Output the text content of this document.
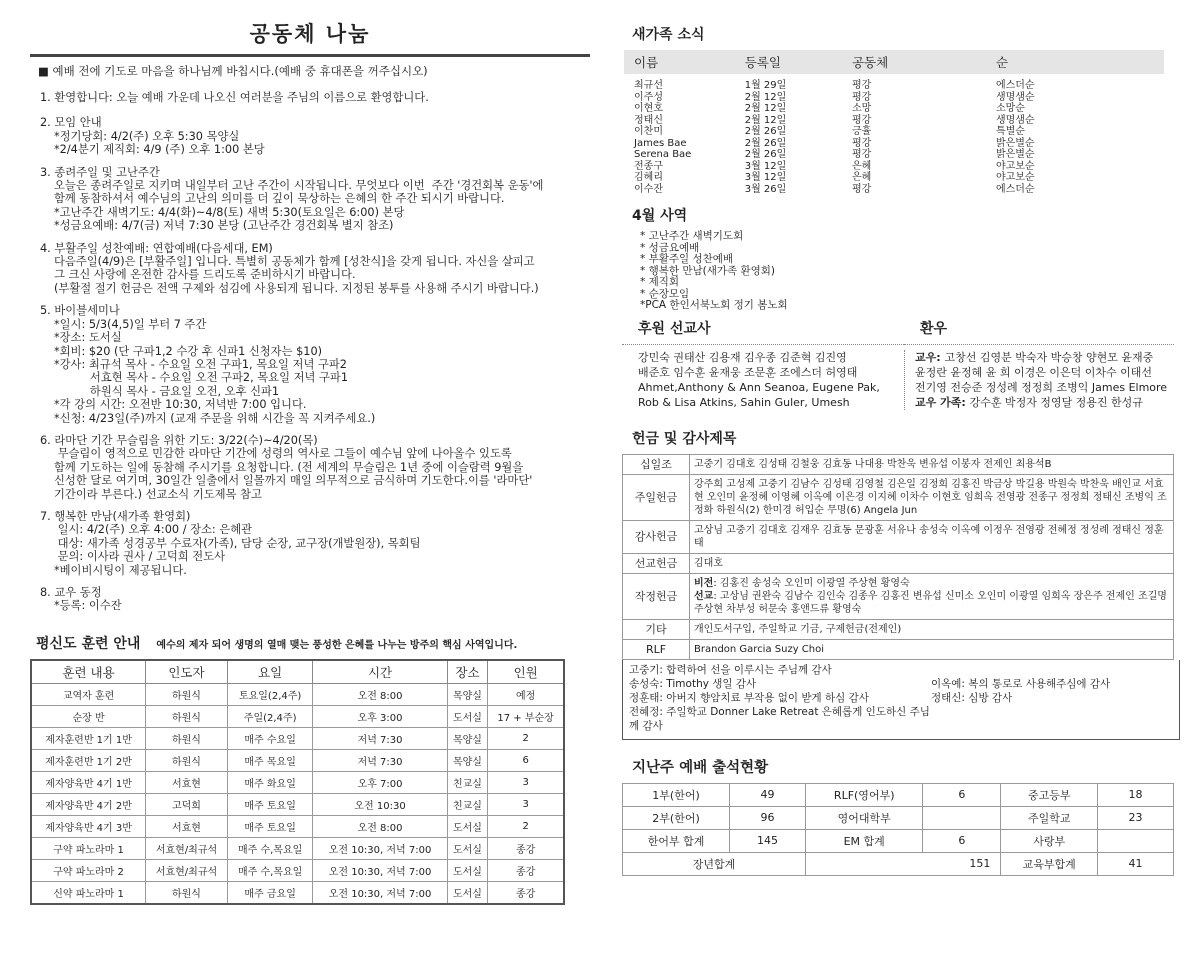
공동체 나눔
■ 예배 전에 기도로 마음을 하나님께 바칩시다.(예배 중 휴대폰을 꺼주십시오)
1. 환영합니다: 오늘 예배 가운데 나오신 여러분을 주님의 이름으로 환영합니다.
2. 모임 안내
*정기당회: 4/2(주) 오후 5:30 목양실
*2/4분기 제직회: 4/9 (주) 오후 1:00 본당
3. 종려주일 및 고난주간
오늘은 종려주일로 지키며 내일부터 고난 주간이 시작됩니다. 무엇보다 이번  주간 '경건회복 운동'에
함께 동참하셔서 예수님의 고난의 의미를 더 깊이 묵상하는 은혜의 한 주간 되시기 바랍니다.
*고난주간 새벽기도: 4/4(화)~4/8(토) 새벽 5:30(토요일은 6:00) 본당
*성금요예배: 4/7(금) 저녁 7:30 본당 (고난주간 경건회복 별지 참조)
4. 부활주일 성찬예배: 연합예배(다음세대, EM)
다음주일(4/9)은 [부활주일] 입니다. 특별히 공동체가 함께 [성찬식]을 갖게 됩니다. 자신을 살피고
그 크신 사랑에 온전한 감사를 드리도록 준비하시기 바랍니다.
(부활절 절기 헌금은 전액 구제와 섬김에 사용되게 됩니다. 지정된 봉투를 사용해 주시기 바랍니다.)
5. 바이블세미나
*일시: 5/3(4,5)일 부터 7 주간
*장소: 도서실
*회비: $20 (단 구파1,2 수강 후 신파1 신청자는 $10)
*강사: 최규석 목사 - 수요일 오전 구파1, 목요일 저녁 구파2
서효현 목사 - 수요일 오전 구파2, 목요일 저녁 구파1
하원식 목사 - 금요일 오전, 오후 신파1
*각 강의 시간: 오전반 10:30, 저녁반 7:00 입니다.
*신청: 4/23일(주)까지 (교재 주문을 위해 시간을 꼭 지켜주세요.)
6. 라마단 기간 무슬림을 위한 기도: 3/22(수)~4/20(목)
무슬림이 영적으로 민감한 라마단 기간에 성령의 역사로 그들이 예수님 앞에 나아올수 있도록
함께 기도하는 일에 동참해 주시기를 요청합니다. (전 세계의 무슬림은 1년 중에 이슬람력 9월을
신성한 달로 여기며, 30일간 일출에서 일몰까지 매일 의무적으로 금식하며 기도한다.이를 '라마단'
기간이라 부른다.) 선교소식 기도제목 참고
7. 행복한 만남(새가족 환영회)
일시: 4/2(주) 오후 4:00 / 장소: 은혜관
대상: 새가족 성경공부 수료자(가족), 담당 순장, 교구장(개발원장), 목회팀
문의: 이사라 권사 / 고덕희 전도사
*베이비시팅이 제공됩니다.
8. 교우 동정
*등록: 이수잔
평신도 훈련 안내 예수의 제자 되어 생명의 열매 맺는 풍성한 은혜를 나누는 방주의 핵심 사역입니다.
훈련 내용	인도자	요일	시간	장소	인원
교역자 훈련	하원식	토요일(2,4주)	오전 8:00	목양실	예정
순장 반	하원식	주일(2,4주)	오후 3:00	도서실	17 + 부순장
제자훈련반 1기 1반	하원식	매주 수요일	저녁 7:30	목양실	2
제자훈련반 1기 2반	하원식	매주 목요일	저녁 7:30	목양실	6
제자양육반 4기 1반	서효현	매주 화요일	오후 7:00	친교실	3
제자양육반 4기 2반	고덕희	매주 토요일	오전 10:30	친교실	3
제자양육반 4기 3반	서효현	매주 토요일	오전 8:00	도서실	2
구약 파노라마 1	서효현/최규석	매주 수,목요일	오전 10:30, 저녁 7:00	도서실	종강
구약 파노라마 2	서효현/최규석	매주 수,목요일	오전 10:30, 저녁 7:00	도서실	종강
신약 파노라마 1	하원식	매주 금요일	오전 10:30, 저녁 7:00	도서실	종강
새가족 소식
이름	등록일	공동체	순
최규선	1월 29일	평강	에스더순
이주성	2월 12일	평강	생명샘순
이현호	2월 12일	소망	소망순
정태신	2월 12일	평강	생명샘순
이찬미	2월 26일	긍휼	특별순
James Bae	2월 26일	평강	밝은별순
Serena Bae	2월 26일	평강	밝은별순
전종구	3월 12일	은혜	야고보순
김혜리	3월 12일	은혜	야고보순
이수잔	3월 26일	평강	에스더순
4월 사역
* 고난주간 새벽기도회
* 성금요예배
* 부활주일 성찬예배
* 행복한 만남(새가족 환영회)
* 제직회
* 순장모임
*PCA 한인서북노회 정기 봄노회
후원 선교사
강민숙 권태산 김용재 김우종 김준혁 김진영
배준호 임수훈 윤재웅 조문훈 조에스더 허영태
Ahmet,Anthony & Ann Seanoa, Eugene Pak,
Rob & Lisa Atkins, Sahin Guler, Umesh
환우
교우: 고창선 김영분 박숙자 박승창 양현모 윤재중
윤정란 윤정혜 윤 희 이경은 이은덕 이차수 이태선
전기영 전승준 정성례 정정희 조병익 James Elmore
교우 가족: 강수훈 박정자 정영달 정용진 한성규
헌금 및 감사제목
십일조	고중기 김대호 김성태 김철웅 김효동 나대용 박찬욱 변유섭 이봉자 전제인 최용석B
주일헌금	강주희 고성제 고중기 김남수 김성태 김영철 김은일 김정희 김홍진 박금상 박길용 박원숙 박찬욱 배인교 서효현 오인미 윤정혜 이영혜 이옥예 이은경 이지혜 이차수 이현호 임희옥 전영광 전종구 정정희 정태신 조병익 조정화 하원식(2) 한미경 허입순 무명(6) Angela Jun
감사헌금	고상님 고중기 김대호 김재우 김효동 문광훈 서유나 송성숙 이옥예 이정우 전영광 전혜정 정성례 정태신 정훈태
선교헌금	김대호
작정헌금	비전: 김홍진 송성숙 오인미 이광열 주상현 황영숙
선교: 고상님 권완숙 김남수 김인숙 김종우 김홍진 변유섭 신미소 오인미 이광열 임희옥 장은주 전제인 조길명 주상현 차부성 허문숙 홍앤드류 황영숙

기타	개인도서구입, 주일학교 기금, 구제헌금(전제인)
RLF	Brandon Garcia Suzy Choi
고중기: 합력하여 선을 이루시는 주님께 감사
송성숙: Timothy 생일 감사	이옥예: 복의 통로로 사용해주심에 감사
정훈태: 아버지 향암치료 부작용 없이 받게 하심 감사	정태신: 심방 감사
전혜정: 주일학교 Donner Lake Retreat 은혜롭게 인도하신 주님께 감사
지난주 예배 출석현황
1부(한어)	49	RLF(영어부)	6	중고등부	18
2부(한어)	96	영어대학부		주일학교	23
한어부 합계	145	EM 합계	6	사랑부	
장년합계		151		교육부합계	41
